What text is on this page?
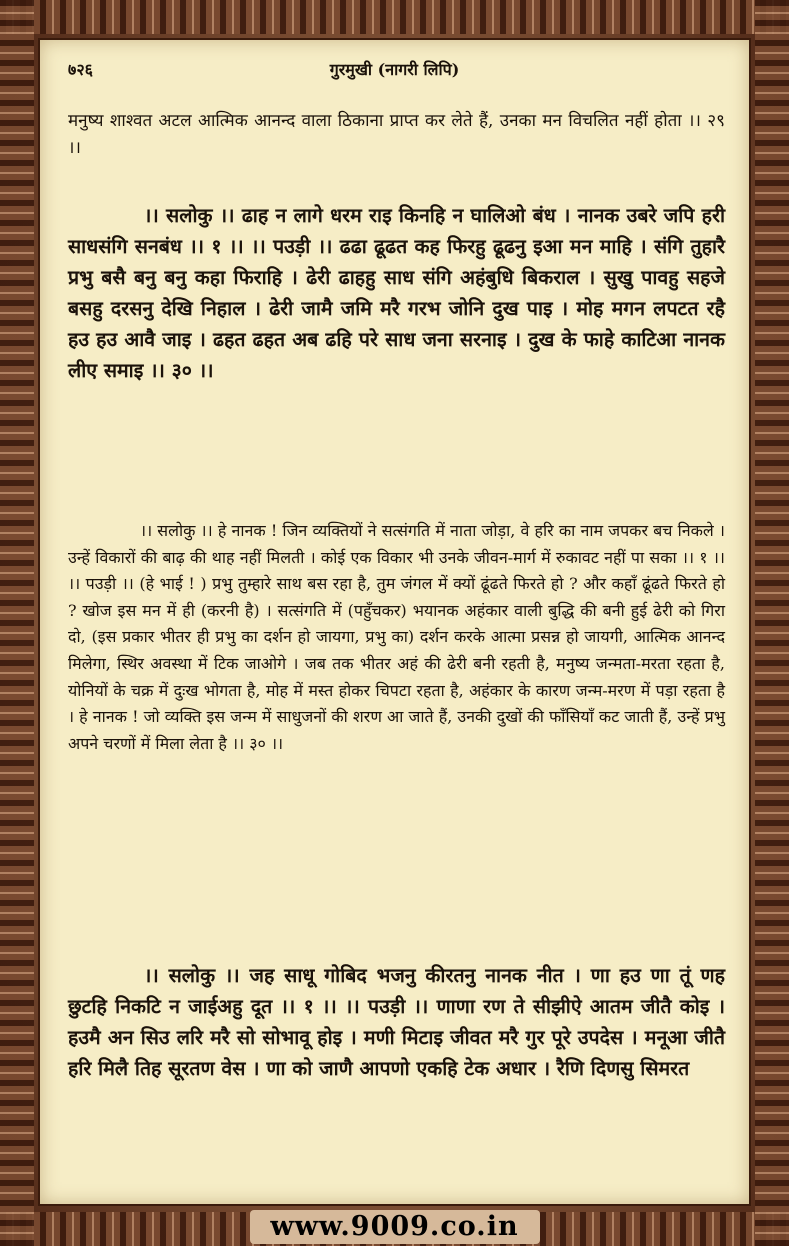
७२६	गुरमुखी (नागरी लिपि)
मनुष्य शाश्वत अटल आत्मिक आनन्द वाला ठिकाना प्राप्त कर लेते हैं, उनका मन विचलित नहीं होता ।। २९ ।।
।। सलोकु ।। ढाह न लागे धरम राइ किनहि न घालिओ बंध । नानक उबरे जपि हरी साधसंगि सनबंध ।। १ ।। ।। पउड़ी ।। ढढा ढूढत कह फिरहु ढूढनु इआ मन माहि । संगि तुहारै प्रभु बसै बनु बनु कहा फिराहि । ढेरी ढाहहु साध संगि अहंबुधि बिकराल । सुखु पावहु सहजे बसहु दरसनु देखि निहाल । ढेरी जामै जमि मरै गरभ जोनि दुख पाइ । मोह मगन लपटत रहै हउ हउ आवै जाइ । ढहत ढहत अब ढहि परे साध जना सरनाइ । दुख के फाहे काटिआ नानक लीए समाइ ।। ३० ।।
।। सलोकु ।। हे नानक ! जिन व्यक्तियों ने सत्संगति में नाता जोड़ा, वे हरि का नाम जपकर बच निकले । उन्हें विकारों की बाढ़ की थाह नहीं मिलती । कोई एक विकार भी उनके जीवन-मार्ग में रुकावट नहीं पा सका ।। १ ।। ।। पउड़ी ।। (हे भाई ! ) प्रभु तुम्हारे साथ बस रहा है, तुम जंगल में क्यों ढूंढते फिरते हो ? और कहाँ ढूंढते फिरते हो ? खोज इस मन में ही (करनी है) । सत्संगति में (पहुँचकर) भयानक अहंकार वाली बुद्धि की बनी हुई ढेरी को गिरा दो, (इस प्रकार भीतर ही प्रभु का दर्शन हो जायगा, प्रभु का) दर्शन करके आत्मा प्रसन्न हो जायगी, आत्मिक आनन्द मिलेगा, स्थिर अवस्था में टिक जाओगे । जब तक भीतर अहं की ढेरी बनी रहती है, मनुष्य जन्मता-मरता रहता है, योनियों के चक्र में दुःख भोगता है, मोह में मस्त होकर चिपटा रहता है, अहंकार के कारण जन्म-मरण में पड़ा रहता है । हे नानक ! जो व्यक्ति इस जन्म में साधुजनों की शरण आ जाते हैं, उनकी दुखों की फाँसियाँ कट जाती हैं, उन्हें प्रभु अपने चरणों में मिला लेता है ।। ३० ।।
।। सलोकु ।। जह साधू गोबिद भजनु कीरतनु नानक नीत । णा हउ णा तूं णह छुटहि निकटि न जाईअहु दूत ।। १ ।। ।। पउड़ी ।। णाणा रण ते सीझीऐ आतम जीतै कोइ । हउमै अन सिउ लरि मरै सो सोभावू होइ । मणी मिटाइ जीवत मरै गुर पूरे उपदेस । मनूआ जीतै हरि मिलै तिह सूरतण वेस । णा को जाणै आपणो एकहि टेक अधार । रैणि दिणसु सिमरत
www.9009.co.in
